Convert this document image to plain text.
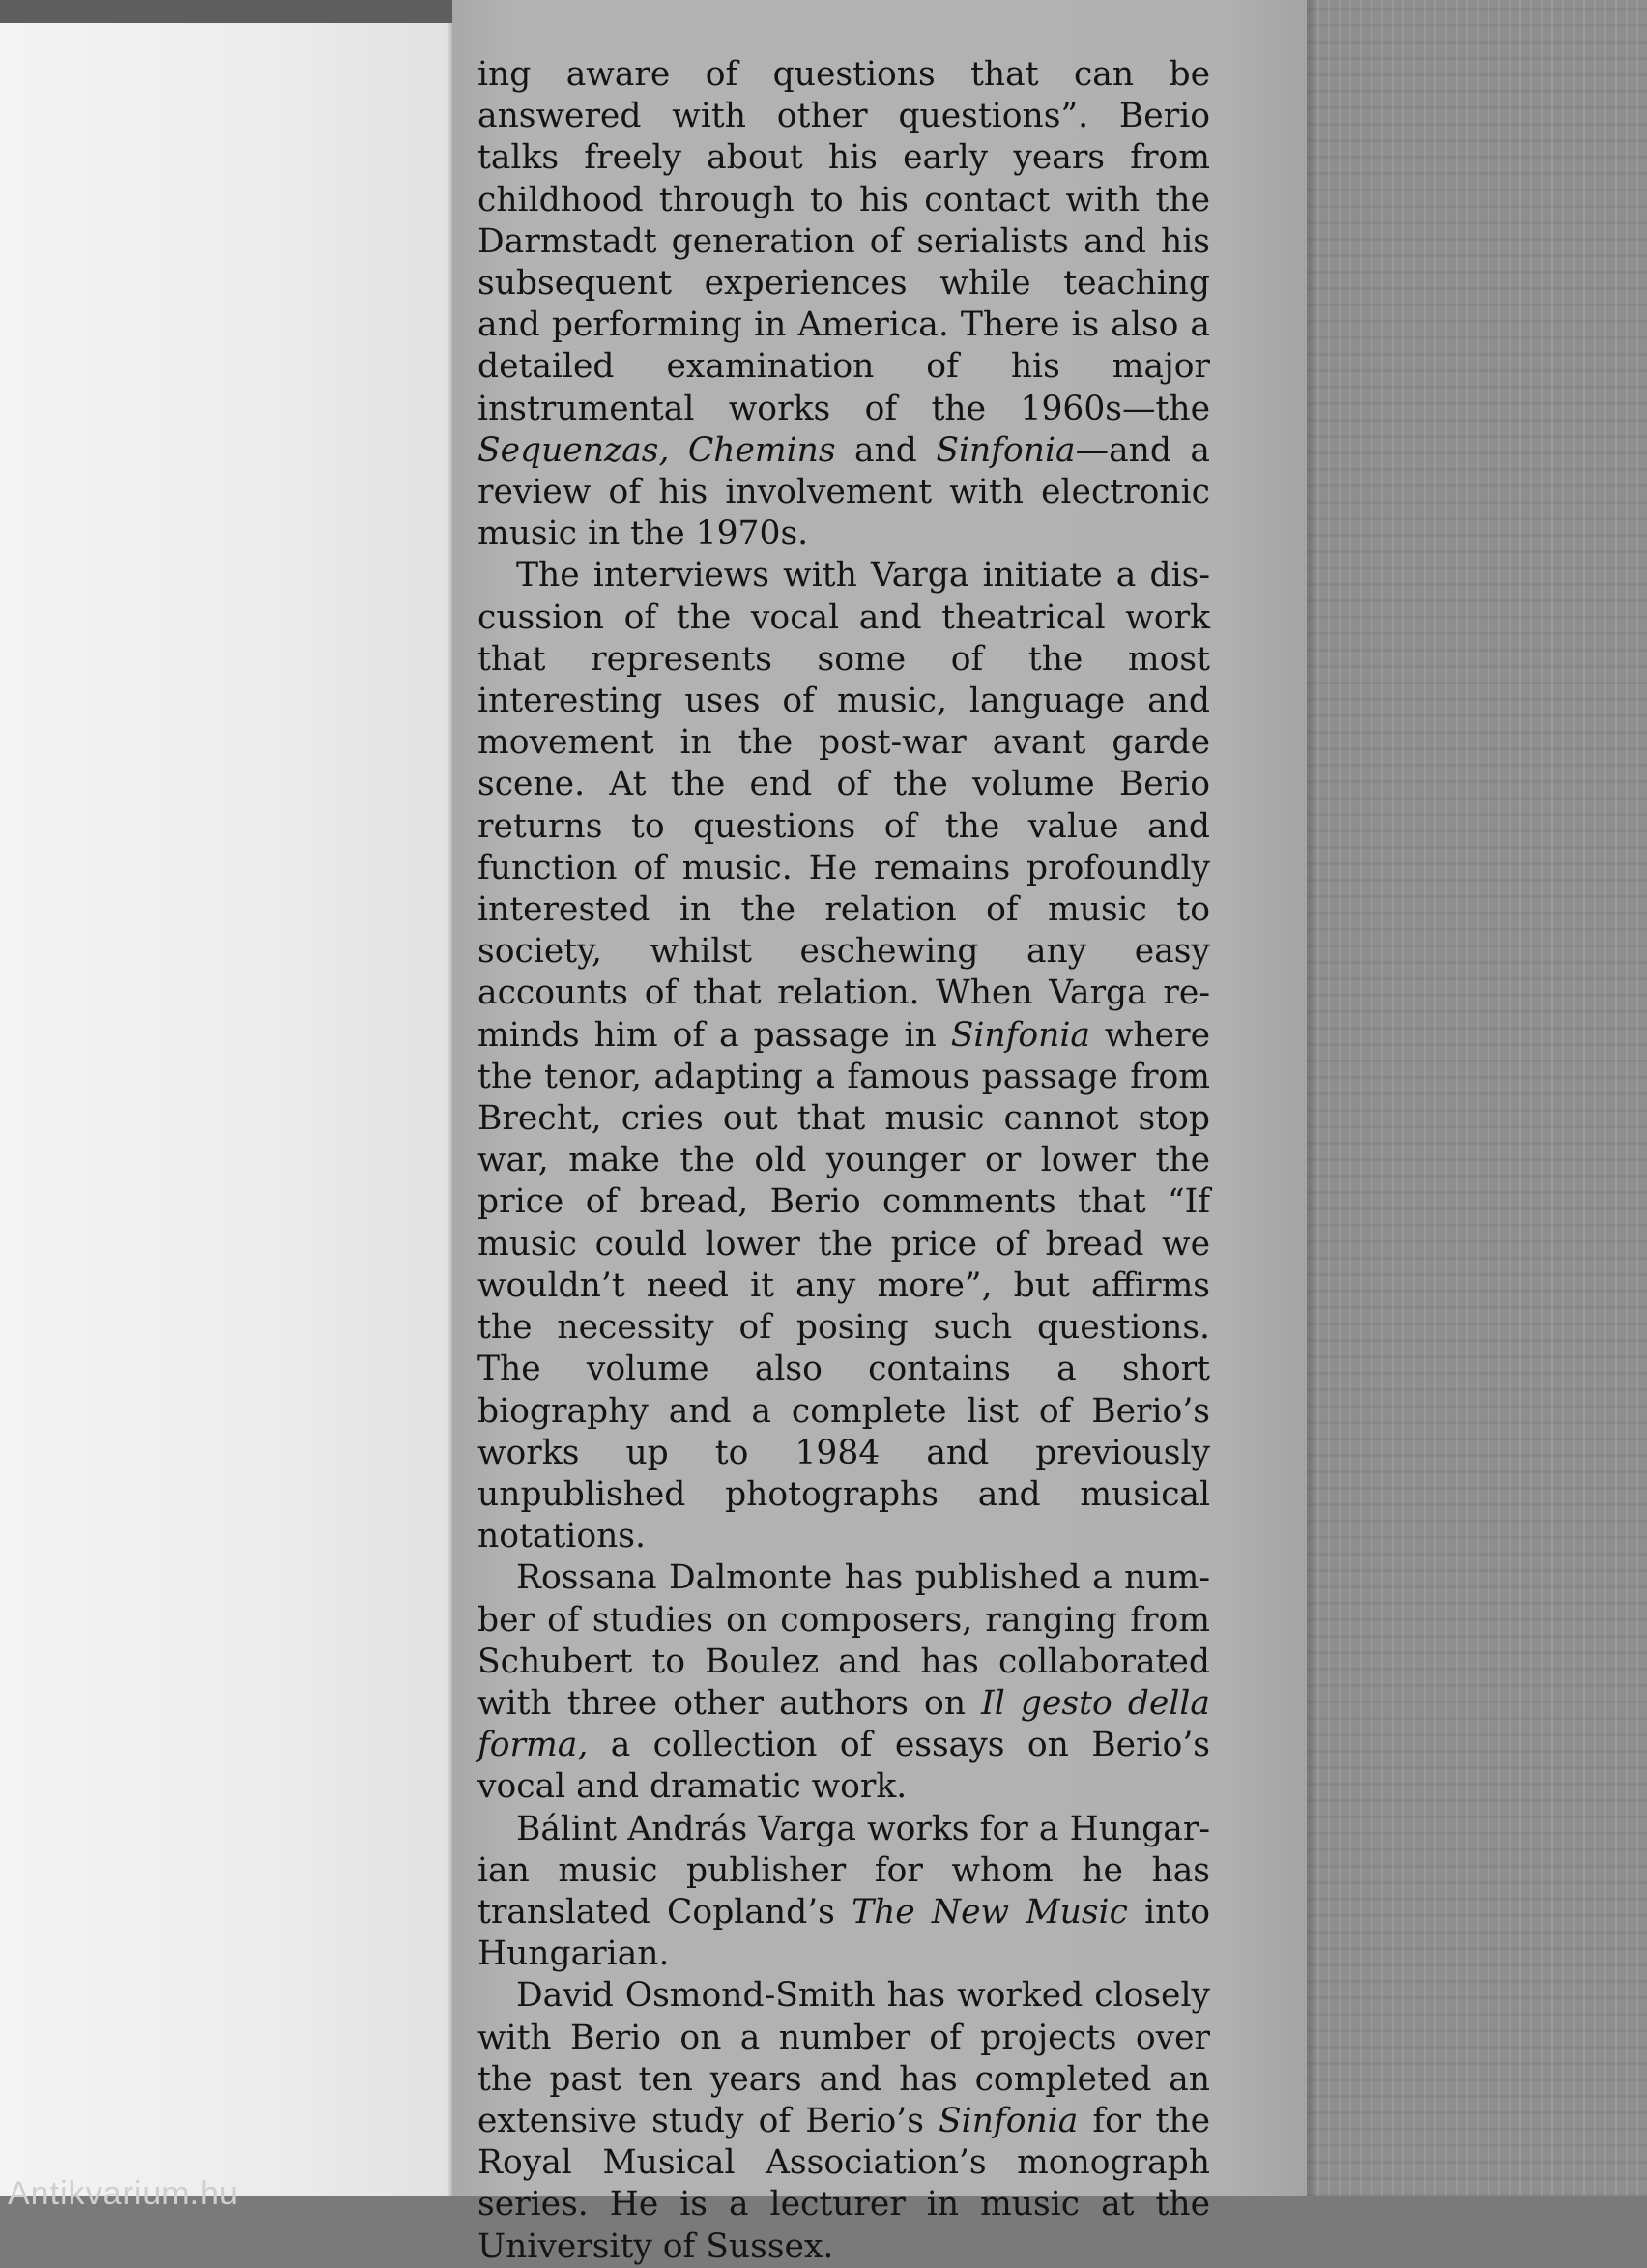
Antikvarium.hu

ing aware of questions that can be answered with other questions”. Berio talks freely about his early years from childhood through to his contact with the Darmstadt generation of serialists and his subsequent experiences while teaching and performing in America. There is also a detailed examination of his major instrumental works of the 1960s—the Sequenzas, Chemins and Sinfonia—and a review of his involvement with electronic music in the 1970s.

The interviews with Varga initiate a discussion of the vocal and theatrical work that represents some of the most interesting uses of music, language and movement in the post-war avant garde scene. At the end of the volume Berio returns to questions of the value and function of music. He remains profoundly interested in the relation of music to society, whilst eschewing any easy accounts of that relation. When Varga reminds him of a passage in Sinfonia where the tenor, adapting a famous passage from Brecht, cries out that music cannot stop war, make the old younger or lower the price of bread, Berio comments that “If music could lower the price of bread we wouldn’t need it any more”, but affirms the necessity of posing such questions. The volume also contains a short biography and a complete list of Berio’s works up to 1984 and previously unpublished photographs and musical notations.

Rossana Dalmonte has published a number of studies on composers, ranging from Schubert to Boulez and has collaborated with three other authors on Il gesto della forma, a collection of essays on Berio’s vocal and dramatic work.

Bálint András Varga works for a Hungarian music publisher for whom he has translated Copland’s The New Music into Hungarian.

David Osmond-Smith has worked closely with Berio on a number of projects over the past ten years and has completed an extensive study of Berio’s Sinfonia for the Royal Musical Association’s monograph series. He is a lecturer in music at the University of Sussex.
